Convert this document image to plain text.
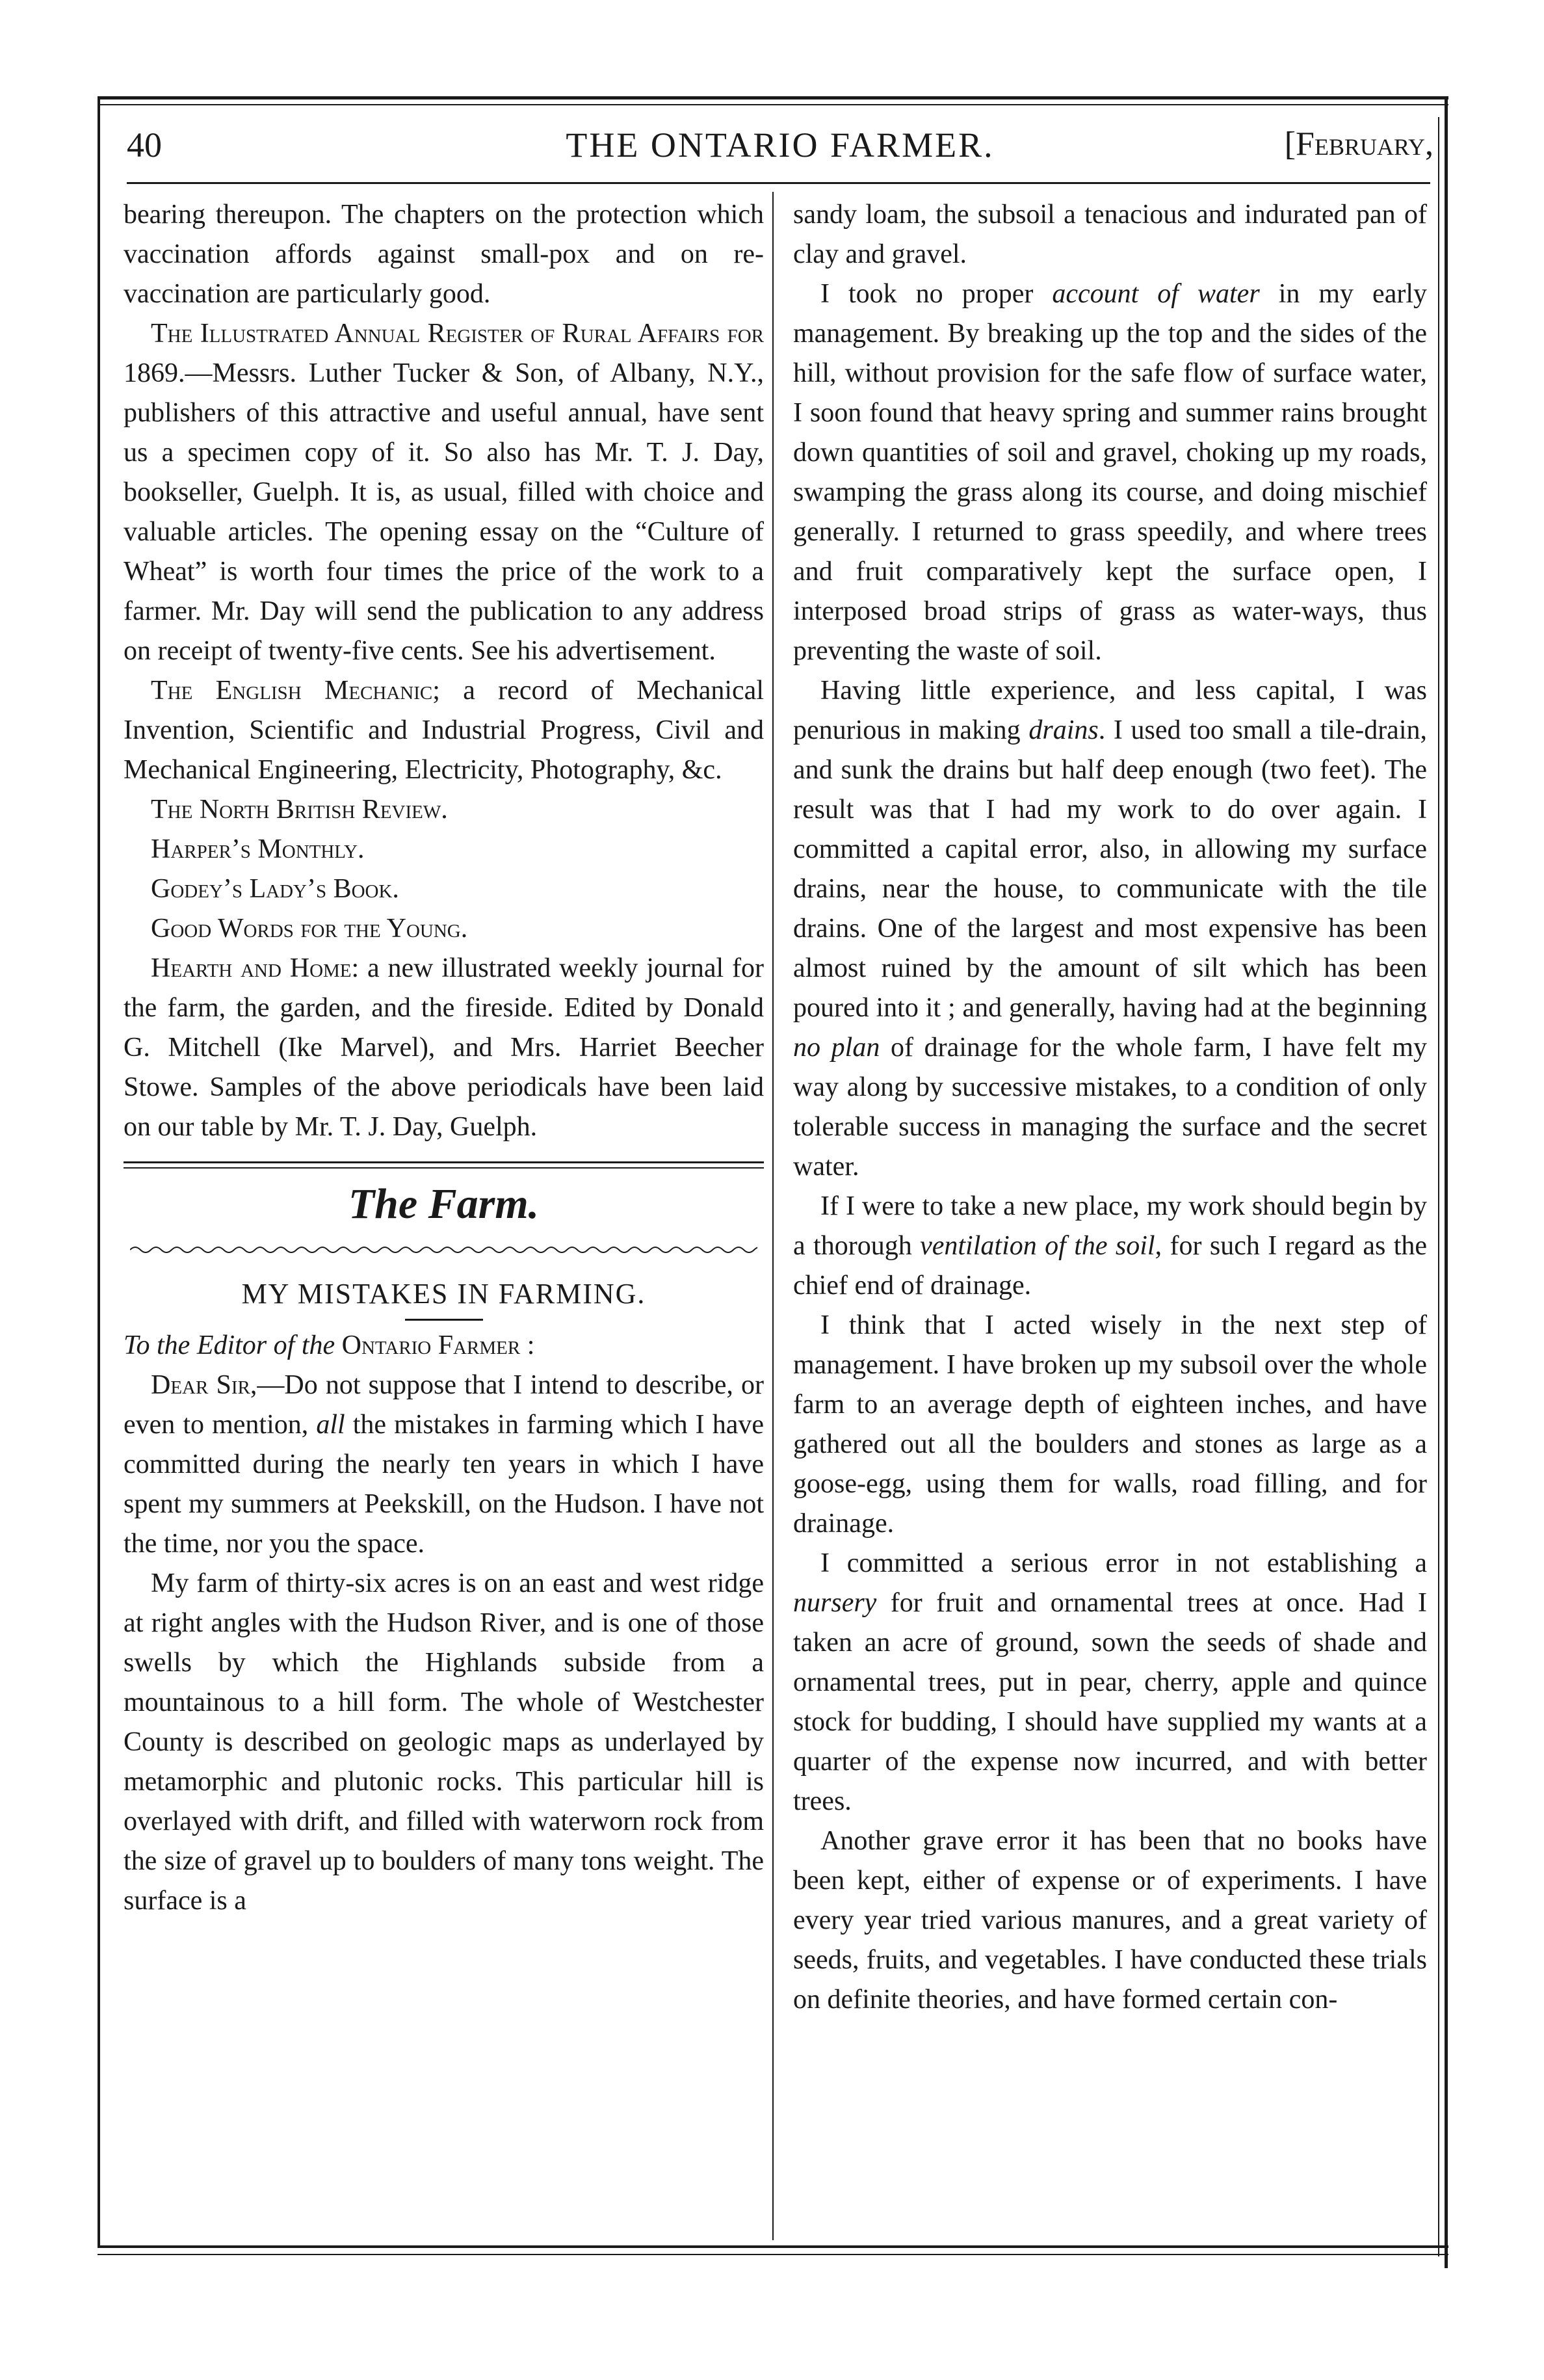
40	THE ONTARIO FARMER.	[February,

bearing thereupon. The chapters on the protection which vaccination affords against small-pox and on re-vaccination are particularly good.

The Illustrated Annual Register of Rural Affairs for 1869.—Messrs. Luther Tucker & Son, of Albany, N.Y., publishers of this attractive and useful annual, have sent us a specimen copy of it. So also has Mr. T. J. Day, bookseller, Guelph. It is, as usual, filled with choice and valuable articles. The opening essay on the “Culture of Wheat” is worth four times the price of the work to a farmer. Mr. Day will send the publication to any address on receipt of twenty-five cents. See his advertisement.

The English Mechanic; a record of Mechanical Invention, Scientific and Industrial Progress, Civil and Mechanical Engineering, Electricity, Photography, &c.

The North British Review.

Harper’s Monthly.

Godey’s Lady’s Book.

Good Words for the Young.

Hearth and Home: a new illustrated weekly journal for the farm, the garden, and the fireside. Edited by Donald G. Mitchell (Ike Marvel), and Mrs. Harriet Beecher Stowe. Samples of the above periodicals have been laid on our table by Mr. T. J. Day, Guelph.

The Farm.
MY MISTAKES IN FARMING.

To the Editor of the Ontario Farmer :

Dear Sir,—Do not suppose that I intend to describe, or even to mention, all the mistakes in farming which I have committed during the nearly ten years in which I have spent my summers at Peekskill, on the Hudson. I have not the time, nor you the space.

My farm of thirty-six acres is on an east and west ridge at right angles with the Hudson River, and is one of those swells by which the Highlands subside from a mountainous to a hill form. The whole of Westchester County is described on geologic maps as underlayed by metamorphic and plutonic rocks. This particular hill is overlayed with drift, and filled with waterworn rock from the size of gravel up to boulders of many tons weight. The surface is a

sandy loam, the subsoil a tenacious and indurated pan of clay and gravel.

I took no proper account of water in my early management. By breaking up the top and the sides of the hill, without provision for the safe flow of surface water, I soon found that heavy spring and summer rains brought down quantities of soil and gravel, choking up my roads, swamping the grass along its course, and doing mischief generally. I returned to grass speedily, and where trees and fruit comparatively kept the surface open, I interposed broad strips of grass as water-ways, thus preventing the waste of soil.

Having little experience, and less capital, I was penurious in making drains. I used too small a tile-drain, and sunk the drains but half deep enough (two feet). The result was that I had my work to do over again. I committed a capital error, also, in allowing my surface drains, near the house, to communicate with the tile drains. One of the largest and most expensive has been almost ruined by the amount of silt which has been poured into it ; and generally, having had at the beginning no plan of drainage for the whole farm, I have felt my way along by successive mistakes, to a condition of only tolerable success in managing the surface and the secret water.

If I were to take a new place, my work should begin by a thorough ventilation of the soil, for such I regard as the chief end of drainage.

I think that I acted wisely in the next step of management. I have broken up my subsoil over the whole farm to an average depth of eighteen inches, and have gathered out all the boulders and stones as large as a goose-egg, using them for walls, road filling, and for drainage.

I committed a serious error in not establishing a nursery for fruit and ornamental trees at once. Had I taken an acre of ground, sown the seeds of shade and ornamental trees, put in pear, cherry, apple and quince stock for budding, I should have supplied my wants at a quarter of the expense now incurred, and with better trees.

Another grave error it has been that no books have been kept, either of expense or of experiments. I have every year tried various manures, and a great variety of seeds, fruits, and vegetables. I have conducted these trials on definite theories, and have formed certain con-
